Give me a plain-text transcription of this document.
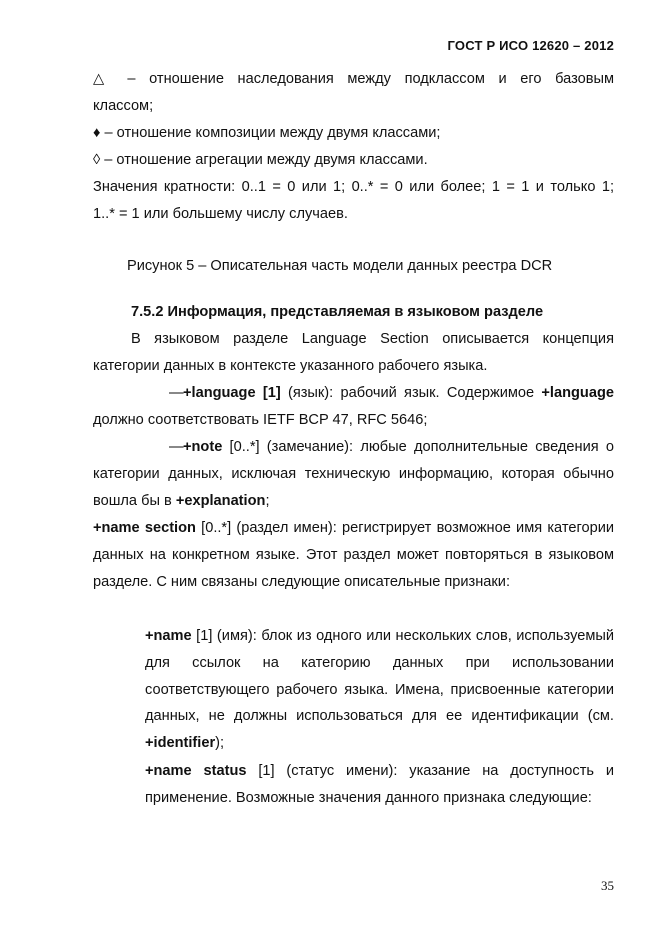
ГОСТ Р ИСО 12620 – 2012
△ – отношение наследования между подклассом и его базовым
классом;
♦ – отношение композиции между двумя классами;
◊ – отношение агрегации между двумя классами.
Значения кратности: 0..1 = 0 или 1; 0..* = 0 или более; 1 = 1 и только 1;
1..* = 1 или большему числу случаев.
Рисунок 5 – Описательная часть модели данных реестра DCR
7.5.2 Информация, представляемая в языковом разделе
В языковом разделе Language Section описывается концепция категории данных в контексте указанного рабочего языка.
—+language [1] (язык): рабочий язык. Содержимое +language должно соответствовать IETF BCP 47, RFC 5646;
—+note [0..*] (замечание): любые дополнительные сведения о категории данных, исключая техническую информацию, которая обычно вошла бы в +explanation;
+name section [0..*] (раздел имен): регистрирует возможное имя категории данных на конкретном языке. Этот раздел может повторяться в языковом разделе. С ним связаны следующие описательные признаки:
+name [1] (имя): блок из одного или нескольких слов, используемый для ссылок на категорию данных при использовании соответствующего рабочего языка. Имена, присвоенные категории данных, не должны использоваться для ее идентификации (см. +identifier);
+name status [1] (статус имени): указание на доступность и применение. Возможные значения данного признака следующие:
35
